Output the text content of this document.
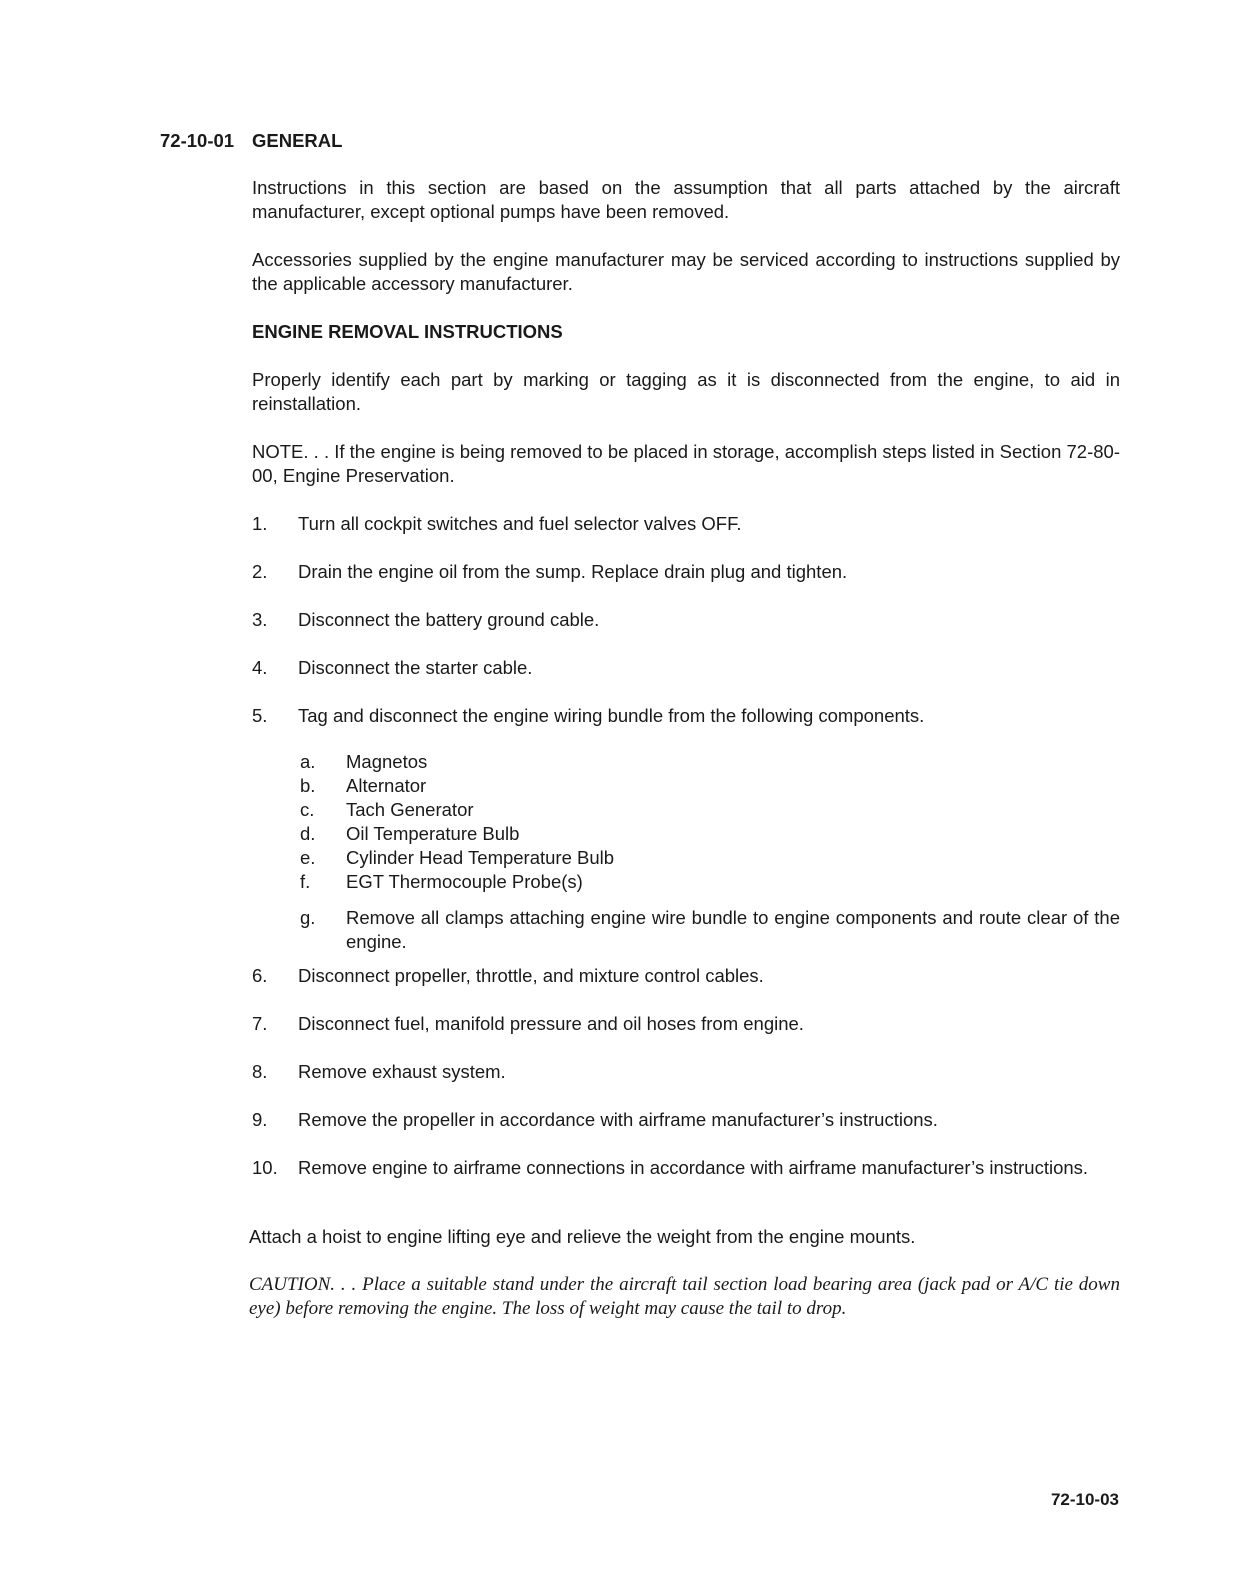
72-10-01 GENERAL

Instructions in this section are based on the assumption that all parts attached by the aircraft manufacturer, except optional pumps have been removed.

Accessories supplied by the engine manufacturer may be serviced according to instructions supplied by the applicable accessory manufacturer.

ENGINE REMOVAL INSTRUCTIONS

Properly identify each part by marking or tagging as it is disconnected from the engine, to aid in reinstallation.

NOTE. . . If the engine is being removed to be placed in storage, accomplish steps listed in Section 72-80-00, Engine Preservation.

1.	Turn all cockpit switches and fuel selector valves OFF.
2.	Drain the engine oil from the sump. Replace drain plug and tighten.
3.	Disconnect the battery ground cable.
4.	Disconnect the starter cable.
5.	Tag and disconnect the engine wiring bundle from the following components.
a.	Magnetos
b.	Alternator
c.	Tach Generator
d.	Oil Temperature Bulb
e.	Cylinder Head Temperature Bulb
f.	EGT Thermocouple Probe(s)
g.	Remove all clamps attaching engine wire bundle to engine components and route clear of the engine.
6.	Disconnect propeller, throttle, and mixture control cables.
7.	Disconnect fuel, manifold pressure and oil hoses from engine.
8.	Remove exhaust system.
9.	Remove the propeller in accordance with airframe manufacturer’s instructions.
10.	Remove engine to airframe connections in accordance with airframe manufacturer’s instructions.

Attach a hoist to engine lifting eye and relieve the weight from the engine mounts.

CAUTION. . . Place a suitable stand under the aircraft tail section load bearing area (jack pad or A/C tie down eye) before removing the engine. The loss of weight may cause the tail to drop.

72-10-03
